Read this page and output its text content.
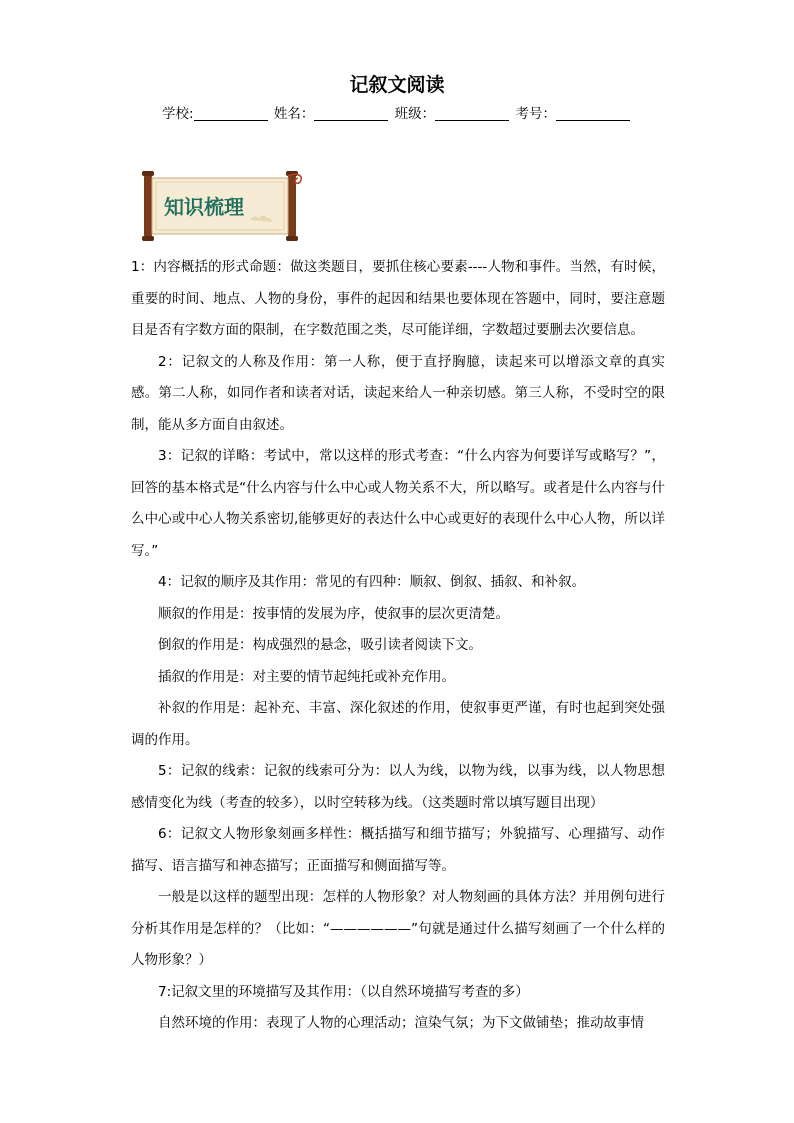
记叙文阅读
学校:	姓名：	班级：	考号：
知识梳理

1：内容概括的形式命题：做这类题目，要抓住核心要素----人物和事件。当然，有时候，重要的时间、地点、人物的身份，事件的起因和结果也要体现在答题中，同时，要注意题目是否有字数方面的限制，在字数范围之类，尽可能详细，字数超过要删去次要信息。

2：记叙文的人称及作用：第一人称，便于直抒胸臆，读起来可以增添文章的真实感。第二人称，如同作者和读者对话，读起来给人一种亲切感。第三人称，不受时空的限制，能从多方面自由叙述。

3：记叙的详略：考试中，常以这样的形式考查：“什么内容为何要详写或略写？”，回答的基本格式是“什么内容与什么中心或人物关系不大，所以略写。或者是什么内容与什么中心或中心人物关系密切,能够更好的表达什么中心或更好的表现什么中心人物，所以详写。”

4：记叙的顺序及其作用：常见的有四种：顺叙、倒叙、插叙、和补叙。

顺叙的作用是：按事情的发展为序，使叙事的层次更清楚。

倒叙的作用是：构成强烈的悬念，吸引读者阅读下文。

插叙的作用是：对主要的情节起纯托或补充作用。

补叙的作用是：起补充、丰富、深化叙述的作用，使叙事更严谨，有时也起到突处强调的作用。

5：记叙的线索：记叙的线索可分为：以人为线，以物为线，以事为线，以人物思想感情变化为线（考查的较多），以时空转移为线。（这类题时常以填写题目出现）

6：记叙文人物形象刻画多样性：概括描写和细节描写；外貌描写、心理描写、动作描写、语言描写和神态描写；正面描写和侧面描写等。

一般是以这样的题型出现：怎样的人物形象？对人物刻画的具体方法？并用例句进行分析其作用是怎样的？（比如：“——————”句就是通过什么描写刻画了一个什么样的人物形象？）

7:记叙文里的环境描写及其作用：（以自然环境描写考查的多）

自然环境的作用：表现了人物的心理活动；渲染气氛；为下文做铺垫；推动故事情
